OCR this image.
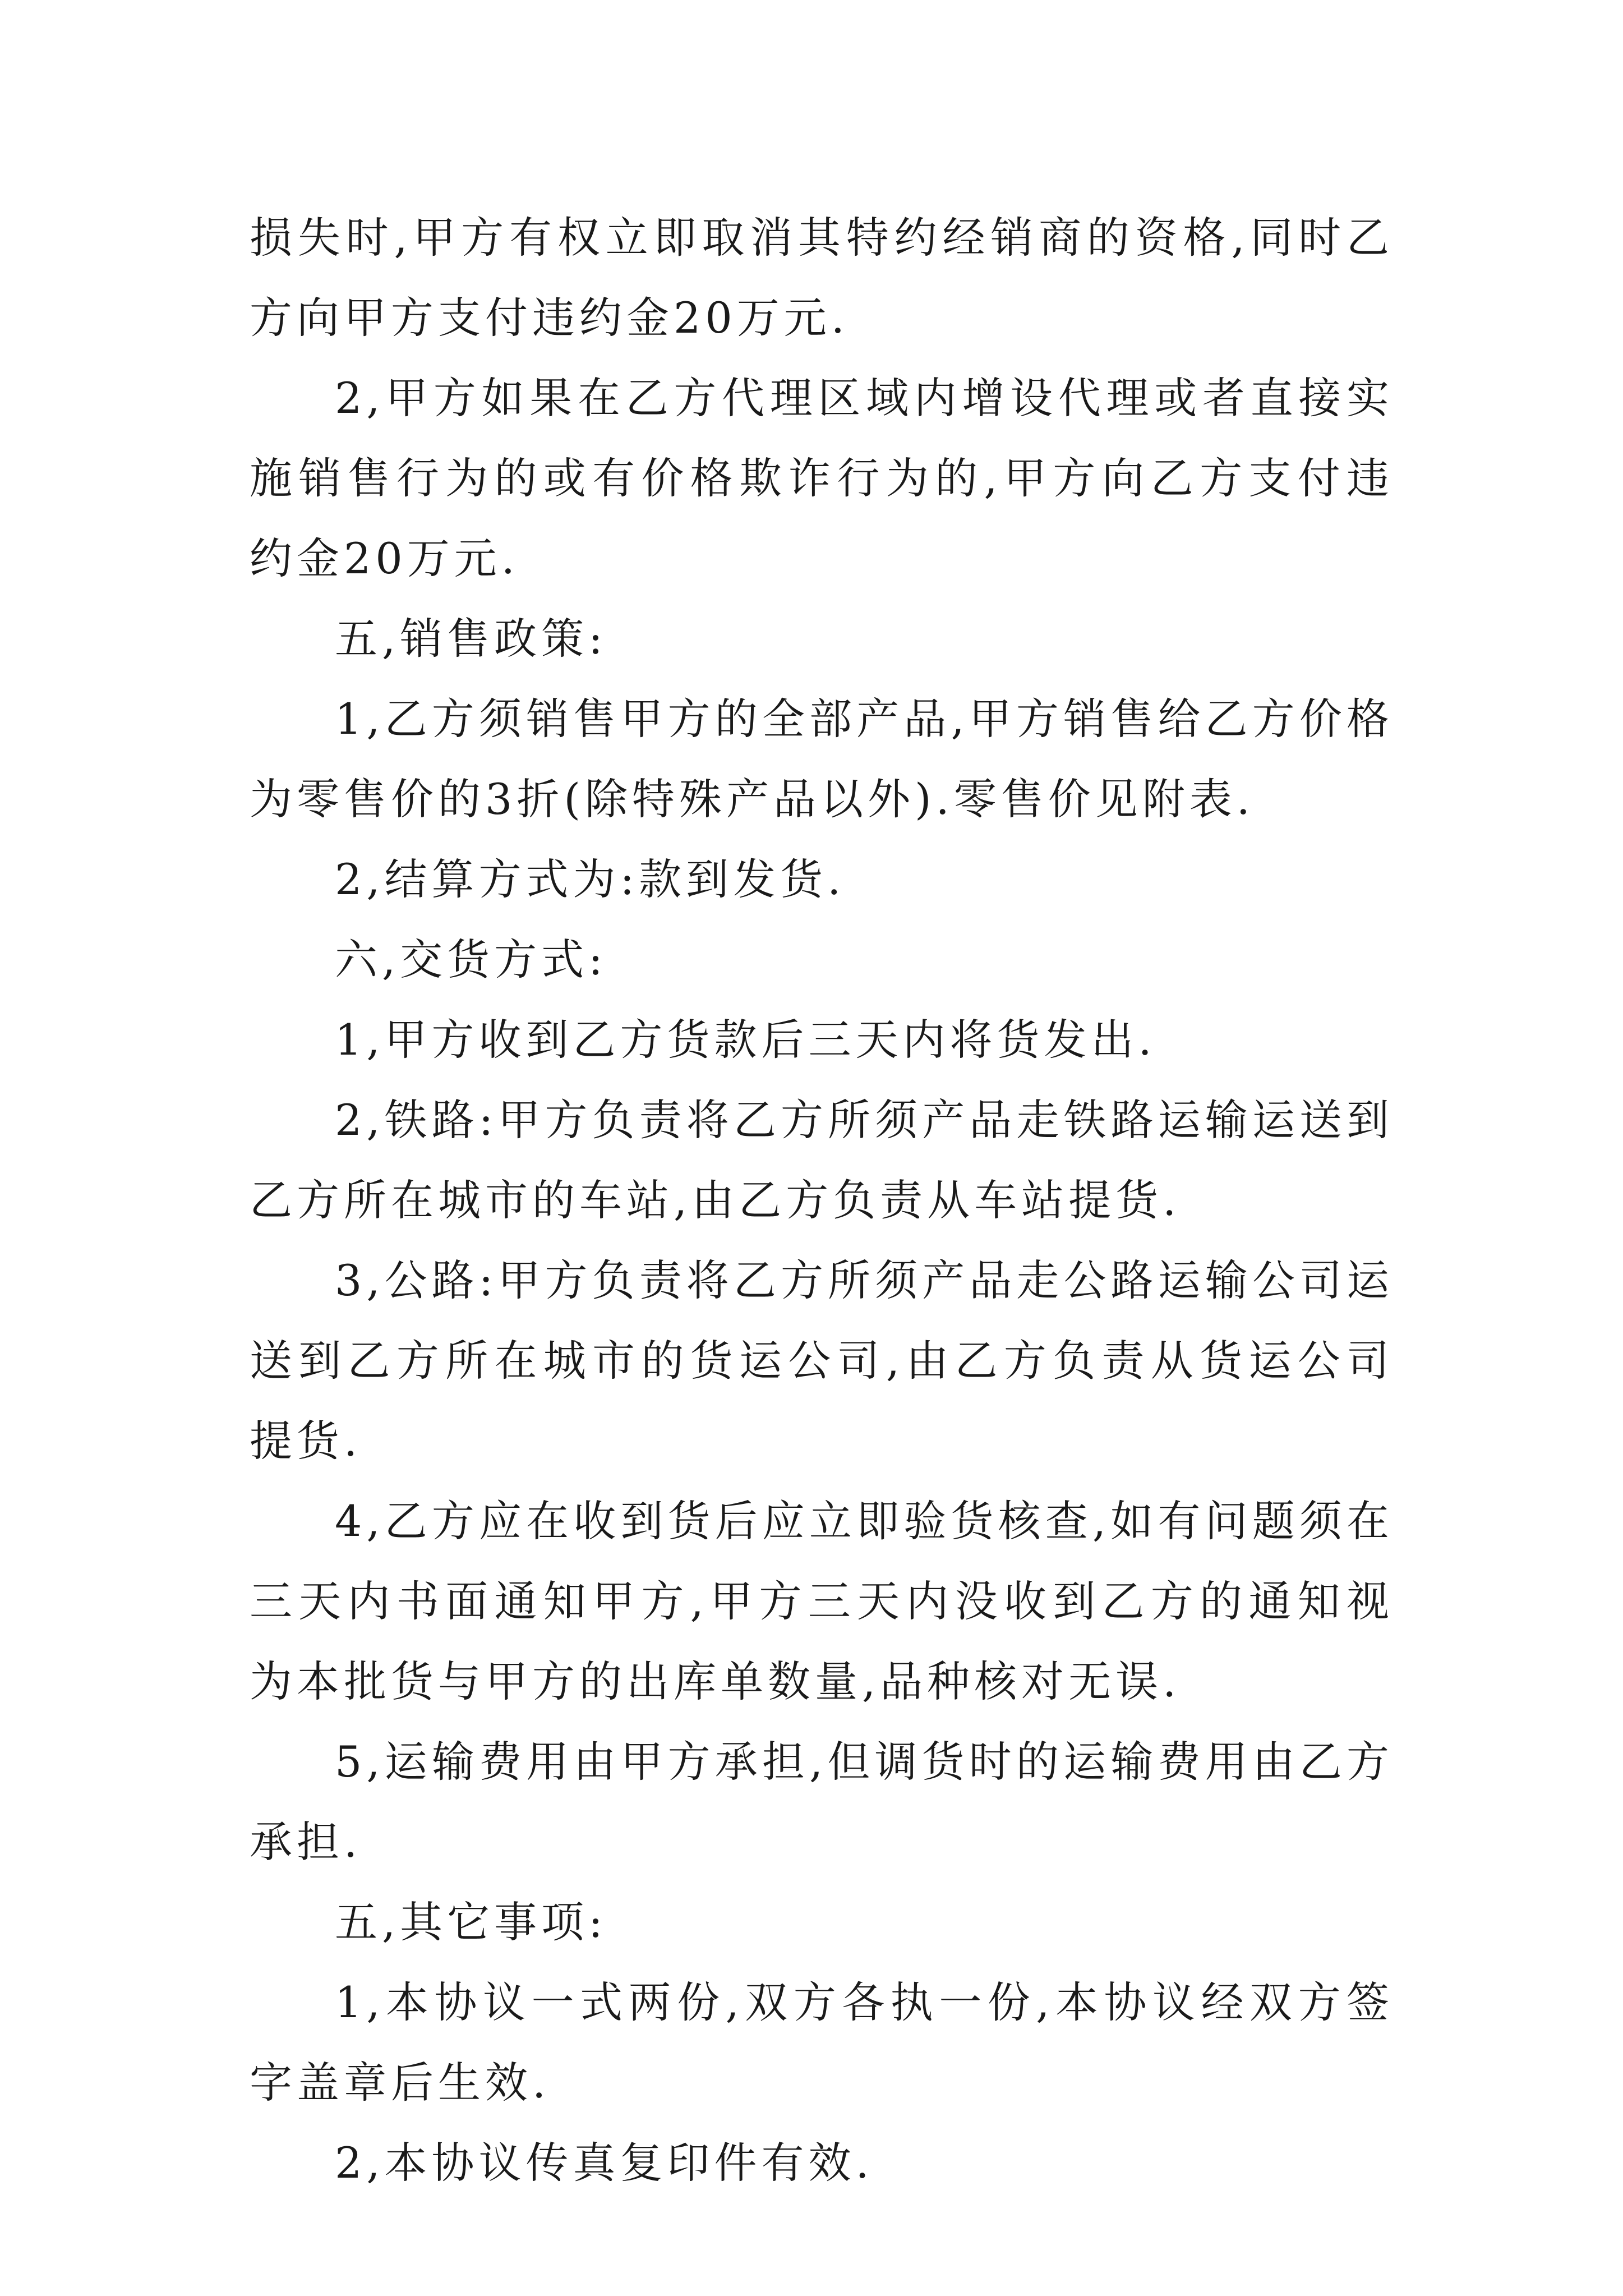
损失时,甲方有权立即取消其特约经销商的资格,同时乙方向甲方支付违约金20万元.

2,甲方如果在乙方代理区域内增设代理或者直接实施销售行为的或有价格欺诈行为的,甲方向乙方支付违约金20万元.

五,销售政策:

1,乙方须销售甲方的全部产品,甲方销售给乙方价格为零售价的3折(除特殊产品以外).零售价见附表.

2,结算方式为:款到发货.

六,交货方式:

1,甲方收到乙方货款后三天内将货发出.

2,铁路:甲方负责将乙方所须产品走铁路运输运送到乙方所在城市的车站,由乙方负责从车站提货.

3,公路:甲方负责将乙方所须产品走公路运输公司运送到乙方所在城市的货运公司,由乙方负责从货运公司提货.

4,乙方应在收到货后应立即验货核查,如有问题须在三天内书面通知甲方,甲方三天内没收到乙方的通知视为本批货与甲方的出库单数量,品种核对无误.

5,运输费用由甲方承担,但调货时的运输费用由乙方承担.

五,其它事项:

1,本协议一式两份,双方各执一份,本协议经双方签字盖章后生效.

2,本协议传真复印件有效.
